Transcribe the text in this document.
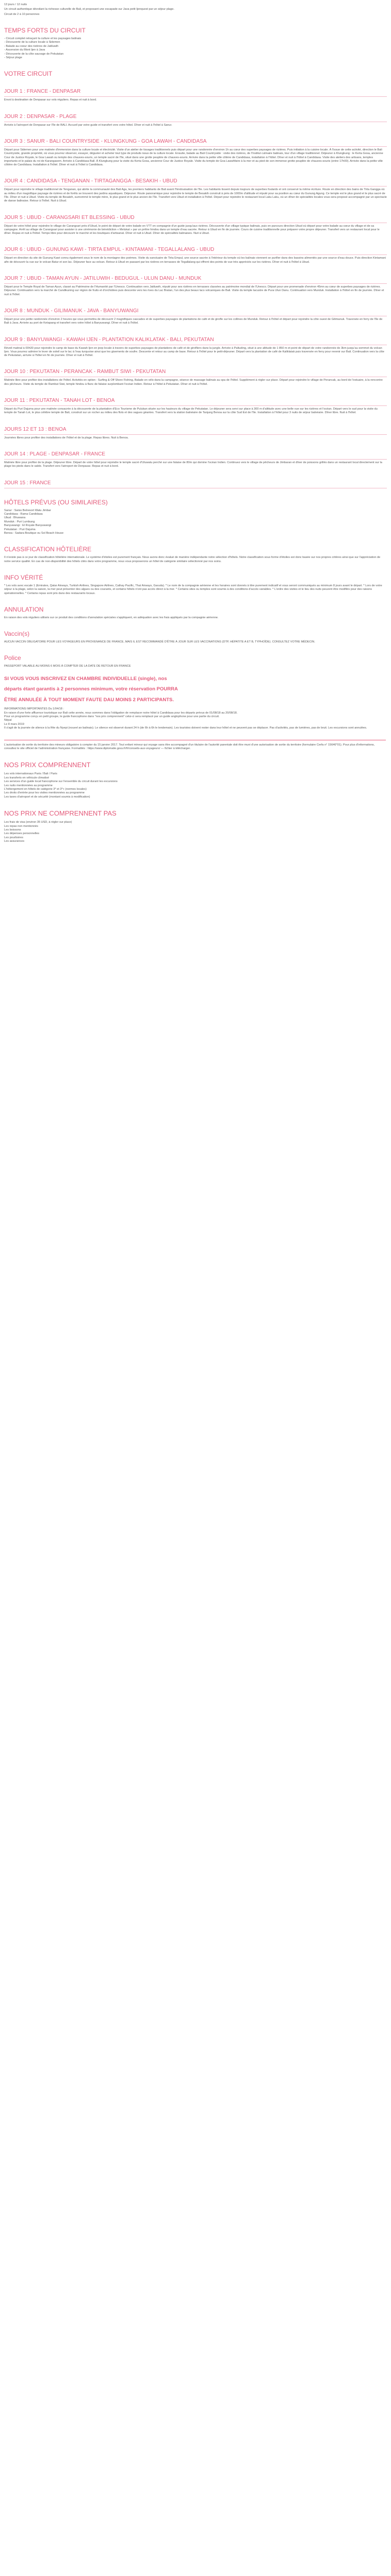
13 jours / 12 nuits

Un circuit authentique dévoilant la richesse culturelle de Bali, et proposant une escapade sur Java petit Ijenquest par un séjour plage.

Circuit de 2 à 10 personnes

TEMPS FORTS DU CIRCUIT

- Circuit complet retraçant la culture et les paysages balinais

- Découverte de la culture locale à Sidemen

- Balade au coeur des rizières de Jatiluwih

- Ascension du Mont Ijen à Java

- Découverte de la côte sauvage de Pekutatan

- Séjour plage

VOTRE CIRCUIT
JOUR 1 : FRANCE - DENPASAR

Envol à destination de Denpasar sur vols réguliers. Repas et nuit à bord.

JOUR 2 : DENPASAR - PLAGE

Arrivée à l'aéroport de Denpasar sur l'île de BALI. Accueil par votre guide et transfert vers votre hôtel. Dîner et nuit à l'hôtel à Sanur.

JOUR 3 : SANUR - BALI COUNTRYSIDE - KLUNGKUNG - GOA LAWAH - CANDIDASA

Départ pour Sidemen pour une matinée d'immersion dans la culture locale et électricité. Visite d'un atelier de tissages traditionnels puis départ pour une randonnée d'environ 1h au cœur des superbes paysages de rizières. Puis initiation à la cuisine locale. À l'issue de cette activité, direction le Bali Countryside, grande propriété, où vous pourrez observer, essayer, déguster et acheter tout type de produits issus de la culture locale. Ensuite, balade au Bali Countryside : visite des rizières, de l'Institut culinaire balinais, tour d'un village traditionnel. Déjeuner à Klungkung : le Kerta Gosa, ancienne Cour de Justice Royale, le Goa Lawah ou temple des chauves-souris, un temple sacré de l'île, situé dans une grotte peuplée de chauves-souris. Arrivée dans la petite ville côtière de Candidasa, installation à l'hôtel. Dîner et nuit à l'hôtel à Candidasa. Visite des ateliers des artisans, temples importants et le palais du roi de Karangasem. Arrivée à Candidasa Ball. À Klungkung pour la visite du Kerta Gosa, ancienne Cour de Justice Royale. Visite du temple de Goa Lawahfaire à la mer et au pied de son immense grotte peuplée de chauves-souris (entre 17h00). Arrivée dans la petite ville côtière de Candidasa. Installation à l'hôtel. Dîner et nuit à l'hôtel à Candidasa.

JOUR 4 : CANDIDASA - TENGANAN - TIRTAGANGGA - BESAKIH - UBUD

Départ pour rejoindre le village traditionnel de Tenganan, qui abrite la communauté des Bali Aga, les premiers habitants de Bali avant l'hindouisation de l'île. Les habitants tissent depuis toujours de superbes foulards et ont conservé la même écriture. Route en direction des bains de Tirta Gangga où au milieu d'un magnifique paysage de rizières et de forêts se trouvent des jardins aquatiques. Déjeuner. Route panoramique pour rejoindre le temple de Besakih construit à près de 1000m d'altitude et réputé pour sa position au cœur du Gunung Agung. Ce temple est le plus grand et le plus sacré de l'île. Dîner et nuit à Ubud. Visite du temple de Besakih, surnommé le temple mère, le plus grand et le plus ancien de l'île. Transfert vers Ubud et installation à l'hôtel. Départ pour rejoindre le restaurant local Laku Laku, où un dîner de spécialités locales vous sera proposé accompagné par un spectacle de danse balinaise. Retour à l'hôtel. Nuit à Ubud.

JOUR 5 : UBUD - CARANGSARI ET BLESSING - UBUD

Départ de votre hôtel pour rejoindre le village de Carangsari près d'Ubud, le point de départ de votre balade en VTT en compagnie d'un guide jusqu'aux rizières. Découverte d'un village typique balinais, puis en parcours direction Ubud où départ pour votre balade au cœur du village et de sa campagne. Arrêt au village de Carangsari pour assister à une cérémonie de bénédiction « Melukat » par un prêtre hindou dans un temple d'eau sacrée. Retour à Ubud en fin de journée. Cours de cuisine traditionnelle pour préparer votre propre déjeuner. Transfert vers un restaurant local pour le dîner. Repas et nuit à l'hôtel. Temps libre pour découvrir le marché et les boutiques d'artisanat. Dîner et nuit à Ubud. Dîner de spécialités balinaises. Nuit à Ubud.

JOUR 6 : UBUD - GUNUNG KAWI - TIRTA EMPUL - KINTAMANI - TEGALLALANG - UBUD

Départ en direction du site de Gunung Kawi connu également sous le nom de la montagne des poèmes. Visite du sanctuaire de Tirta Empul, une source sacrée à l'intérieur du temple où les balinais viennent se purifier dans des bassins alimentés par une source d'eau douce. Puis direction Kintamani afin de découvrir la vue sur le volcan Batur et son lac. Déjeuner face au volcan. Retour à Ubud en passant par les rizières en terrasses de Tegallalang qui offrent des points de vue très appréciés sur les rizières. Dîner et nuit à l'hôtel à Ubud.

JOUR 7 : UBUD - TAMAN AYUN - JATILUWIH - BEDUGUL - ULUN DANU - MUNDUK

Départ pour le Temple Royal de Taman Ayun, classé au Patrimoine de l'Humanité par l'Unesco. Continuation vers Jatiluwih, réputé pour ses rizières en terrasses classées au patrimoine mondial de l'Unesco. Départ pour une promenade d'environ 45mn au cœur de superbes paysages de rizières. Déjeuner. Continuation vers la marché de Candikuning sur région de fruits et d'orchidées puis descente vers les rives du Lac Bratan, l'un des plus beaux lacs volcaniques de Bali. Visite du temple lacustre de Pura Ulun Danu. Continuation vers Munduk. Installation à l'hôtel en fin de journée. Dîner et nuit à l'hôtel.

JOUR 8 : MUNDUK - GILIMANUK - JAVA - BANYUWANGI

Départ pour une petite randonnée d'environ 2 heures qui vous permettra de découvrir 2 magnifiques cascades et de superbes paysages de plantations de café et de girofle sur les collines de Munduk. Retour à l'hôtel et départ pour rejoindre la côte ouest de Gilimanuk. Traversée en ferry de l'île de Bali à Java. Arrivée au port de Ketapang et transfert vers votre hôtel à Banyuwangi. Dîner et nuit à l'hôtel.

JOUR 9 : BANYUWANGI - KAWAH IJEN - PLANTATION KALIKLATAK - BALI, PEKUTATAN

Réveil matinal à 00h30 pour rejoindre le camp de base du Kawah Ijen en jeep locale à travers de superbes paysages de plantations de café et de girofliers dans la jungle. Arrivée à Paltuding, situé à une altitude de 1 850 m et point de départ de votre randonnée de 3km jusqu'au sommet du volcan Ijen. Vous pourrez admirer le lever de soleil sur le lac à l'eau turquoise ainsi que les gisements de soufre. Descente et retour au camp de base. Retour à l'hôtel pour le petit-déjeuner. Départ vers la plantation de café de Kaliklatak puis traversée en ferry pour revenir sur Bali. Continuation vers la côte de Pekutatan, arrivée à l'hôtel en fin de journée. Dîner et nuit à l'hôtel.

JOUR 10 : PEKUTATAN - PERANCAK - RAMBUT SIWI - PEKUTATAN

Matinée libre pour profiter des installations de l'hôtel. Activités en option : Surfing & Off Shore Fishing, Balade en vélo dans la campagne, séance de massage balinais au spa de l'hôtel. Supplément à régler sur place. Départ pour rejoindre le village de Perancak, au bord de l'estuaire, à la rencontre des pêcheurs. Visite du temple de Rambut Siwi, temple hindou à flanc de falaise surplombant l'océan Indien. Retour à l'hôtel à Pekutatan. Dîner et nuit à l'hôtel.

JOUR 11 : PEKUTATAN - TANAH LOT - BENOA

Départ du Puri Dajuma pour une matinée consacrée à la découverte de la plantation d'Eco Tourisme de Pulukan située sur les hauteurs du village de Pekutatan. Le déjeuner sera servi sur place à 300 m d'altitude avec une belle vue sur les rizières et l'océan. Départ vers le sud pour la visite du temple de Tanah Lot, le plus célèbre temple de Bali, construit sur un rocher au milieu des flots et des vagues géantes. Transfert vers la station balnéaire de Tanjung Benoa sur la côte Sud Est de l'île. Installation à l'hôtel pour 3 nuits de séjour balnéaire. Dîner libre. Nuit à l'hôtel.

JOURS 12 ET 13 : BENOA

Journées libres pour profiter des installations de l'hôtel et de la plage. Repas libres. Nuit à Benoa.

JOUR 14 : PLAGE - DENPASAR - FRANCE

Matinée libre pour profiter de la plage. Déjeuner libre. Départ de votre hôtel pour rejoindre le temple sacré d'Uluwatu perché sur une falaise de 80m qui domine l'océan Indien. Continuez vers le village de pêcheurs de Jimbaran et dîner de poissons grillés dans un restaurant local directement sur la plage les pieds dans le sable. Transfert vers l'aéroport de Denpasar. Repas et nuit à bord.

JOUR 15 : FRANCE
HÔTELS PRÉVUS (OU SIMILAIRES)

Sanur : Swiss Belresort Watu Jimbar

Candidasa : Rama Candidasa

Ubud : Bhuwana

Munduk : Puri Lumbung

Banyuwangi : El Royale Banyuwangi

Pekutatan : Puri Dajuma

Benoa : Sadara Boutique ou Sol Beach House

CLASSIFICATION HÔTELIÈRE

Il n'existe pas à ce jour de classification hôtelière internationale. Le système d'étoiles est purement français. Nous avons donc évalué de manière indépendante notre sélection d'hôtels. Notre classification sous forme d'étoiles est donc basée sur nos propres critères ainsi que sur l'appréciation de notre service qualité. En cas de non-disponibilité des hôtels cités dans votre programme, nous vous proposerons un hôtel de catégorie similaire sélectionné par nos soins.

INFO VÉRITÉ

* Les vols avec escale 1 (Emirates, Qatar Airways, Turkish Airlines, Singapore Airlines, Cathay Pacific, Thaï Airways, Garuda). * Le nom de la compagnie aérienne et les horaires sont donnés à titre purement indicatif et vous seront communiqués au minimum 8 jours avant le départ. * Lors de votre séjour à la plage, selon la saison, la mer peut présenter des algues ou des courants, et certains hôtels n'ont pas accès direct à la mer. * Certains sites ou temples sont soumis à des conditions d'accès variables. * L'ordre des visites et le lieu des nuits peuvent être modifiés pour des raisons opérationnelles. * Certains repas sont pris dans des restaurants locaux.

ANNULATION

En raison des vols réguliers utilisés sur ce produit des conditions d'annulation spéciales s'appliquent, en adéquation avec les frais appliqués par la compagnie aérienne.

Vaccin(s)

AUCUN VACCIN OBLIGATOIRE POUR LES VOYAGEURS EN PROVENANCE DE FRANCE, MAIS IL EST RECOMMANDÉ D'ÊTRE À JOUR SUR LES VACCINATIONS (DTP, HÉPATITE A ET B, TYPHOÏDE). CONSULTEZ VOTRE MÉDECIN.

Police

PASSEPORT VALABLE AU MOINS 6 MOIS À COMPTER DE LA DATE DE RETOUR EN FRANCE

SI VOUS VOUS INSCRIVEZ EN CHAMBRE INDIVIDUELLE (single), nos

départs étant garantis à 2 personnes minimum, votre réservation POURRA

ÊTRE ANNULÉE À TOUT MOMENT FAUTE DAU MOINS 2 PARTICIPANTS.

INFORMATIONS IMPORTANTES Du 1/04/18 :

En raison d'une forte affluence touristique sur Bali cette année, nous sommes dans l'obligation de remplacer notre hôtel à Candidasa pour les départs prévus de 01/08/18 au 20/08/18.

Pour un programme conçu en petit groupe, le guide francophone dans "nos prix comprennent" celui-ci sera remplacé par un guide anglophone pour une partie du circuit.

Népal

Le 8 mars 2019

Il s'agit de la journée de silence à la fête du Nyepi (nouvel an balinais). Le silence est observé durant 24 h (de 6h à 6h le lendemain). Les touristes doivent rester dans leur hôtel et ne peuvent pas se déplacer. Pas d'activités, pas de lumières, pas de bruit. Les excursions sont annulées.

L'autorisation de sortie du territoire des mineurs obligatoire à compter du 15 janvier 2017. Tout enfant mineur qui voyage sans être accompagné d'un titulaire de l'autorité parentale doit être muni d'une autorisation de sortie du territoire (formulaire Cerfa n° 15646*01). Pour plus d'informations, consultez le site officiel de l'administration française. Formalités : https://www.diplomatie.gouv.fr/fr/conseils-aux-voyageurs/ — fichier à télécharger.

NOS PRIX COMPRENNENT

Les vols internationaux Paris / Bali / Paris

Les transferts en véhicule climatisé

Les services d'un guide local francophone sur l'ensemble du circuit durant les excursions

Les nuits mentionnées au programme

L'hébergement en hôtels de catégorie 3* et 3*+ (normes locales)

Les droits d'entrée pour les visites mentionnées au programme

Les taxes d'aéroport et de sécurité (montant soumis à modification)

NOS PRIX NE COMPRENNENT PAS

Les frais de visa (environ 35 USD, à régler sur place)

Les repas non mentionnés

Les boissons

Les dépenses personnelles

Les pourboires

Les assurances
